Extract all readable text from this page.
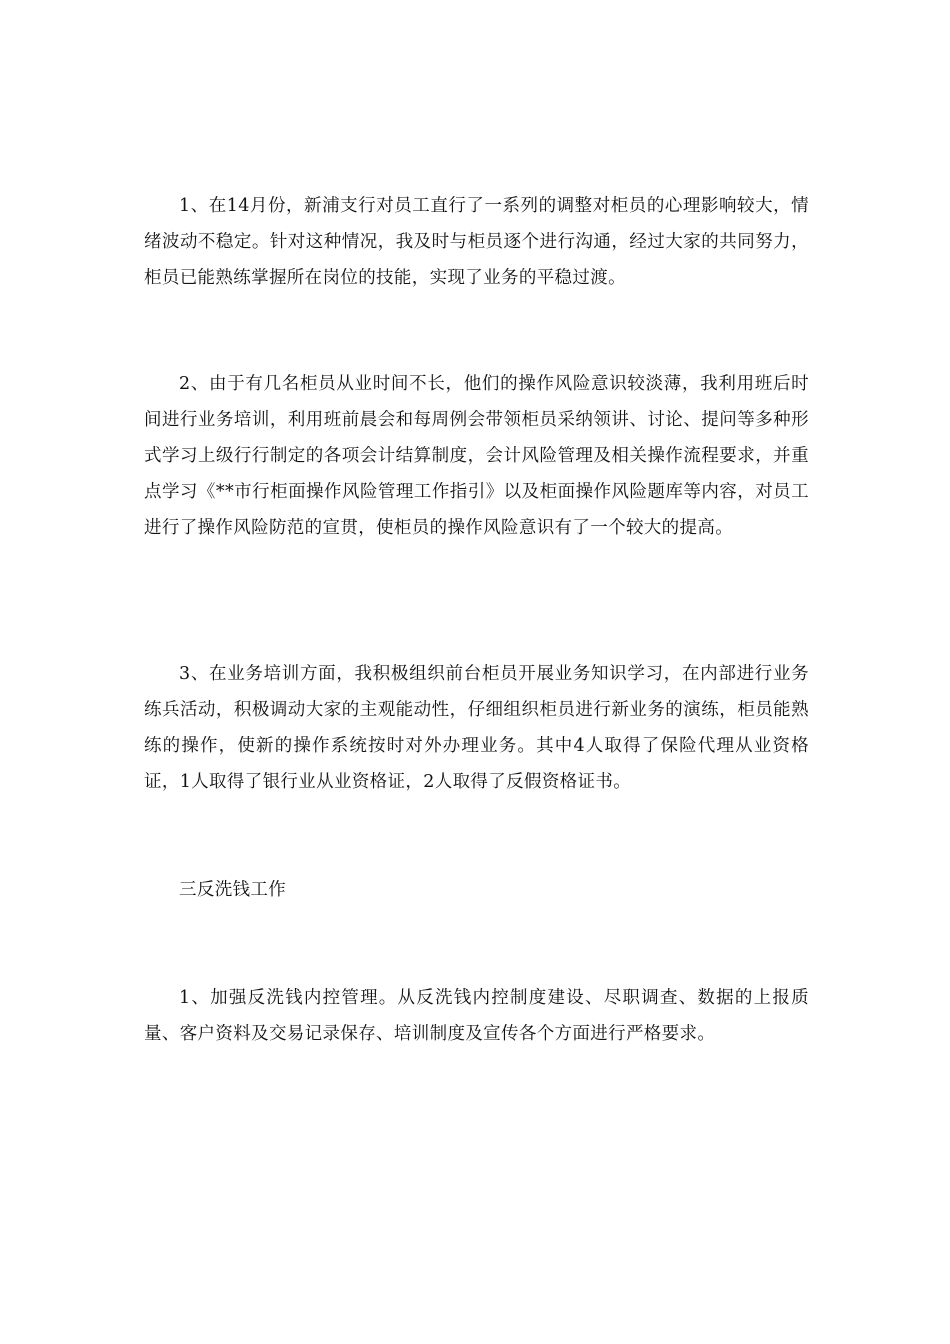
1、在14月份，新浦支行对员工直行了一系列的调整对柜员的心理影响较大，情绪波动不稳定。针对这种情况，我及时与柜员逐个进行沟通，经过大家的共同努力，柜员已能熟练掌握所在岗位的技能，实现了业务的平稳过渡。

2、由于有几名柜员从业时间不长，他们的操作风险意识较淡薄，我利用班后时间进行业务培训，利用班前晨会和每周例会带领柜员采纳领讲、讨论、提问等多种形式学习上级行行制定的各项会计结算制度，会计风险管理及相关操作流程要求，并重点学习《**市行柜面操作风险管理工作指引》以及柜面操作风险题库等内容，对员工进行了操作风险防范的宣贯，使柜员的操作风险意识有了一个较大的提高。

3、在业务培训方面，我积极组织前台柜员开展业务知识学习，在内部进行业务练兵活动，积极调动大家的主观能动性，仔细组织柜员进行新业务的演练，柜员能熟练的操作，使新的操作系统按时对外办理业务。其中4人取得了保险代理从业资格证，1人取得了银行业从业资格证，2人取得了反假资格证书。

三反洗钱工作

1、加强反洗钱内控管理。从反洗钱内控制度建设、尽职调查、数据的上报质量、客户资料及交易记录保存、培训制度及宣传各个方面进行严格要求。
